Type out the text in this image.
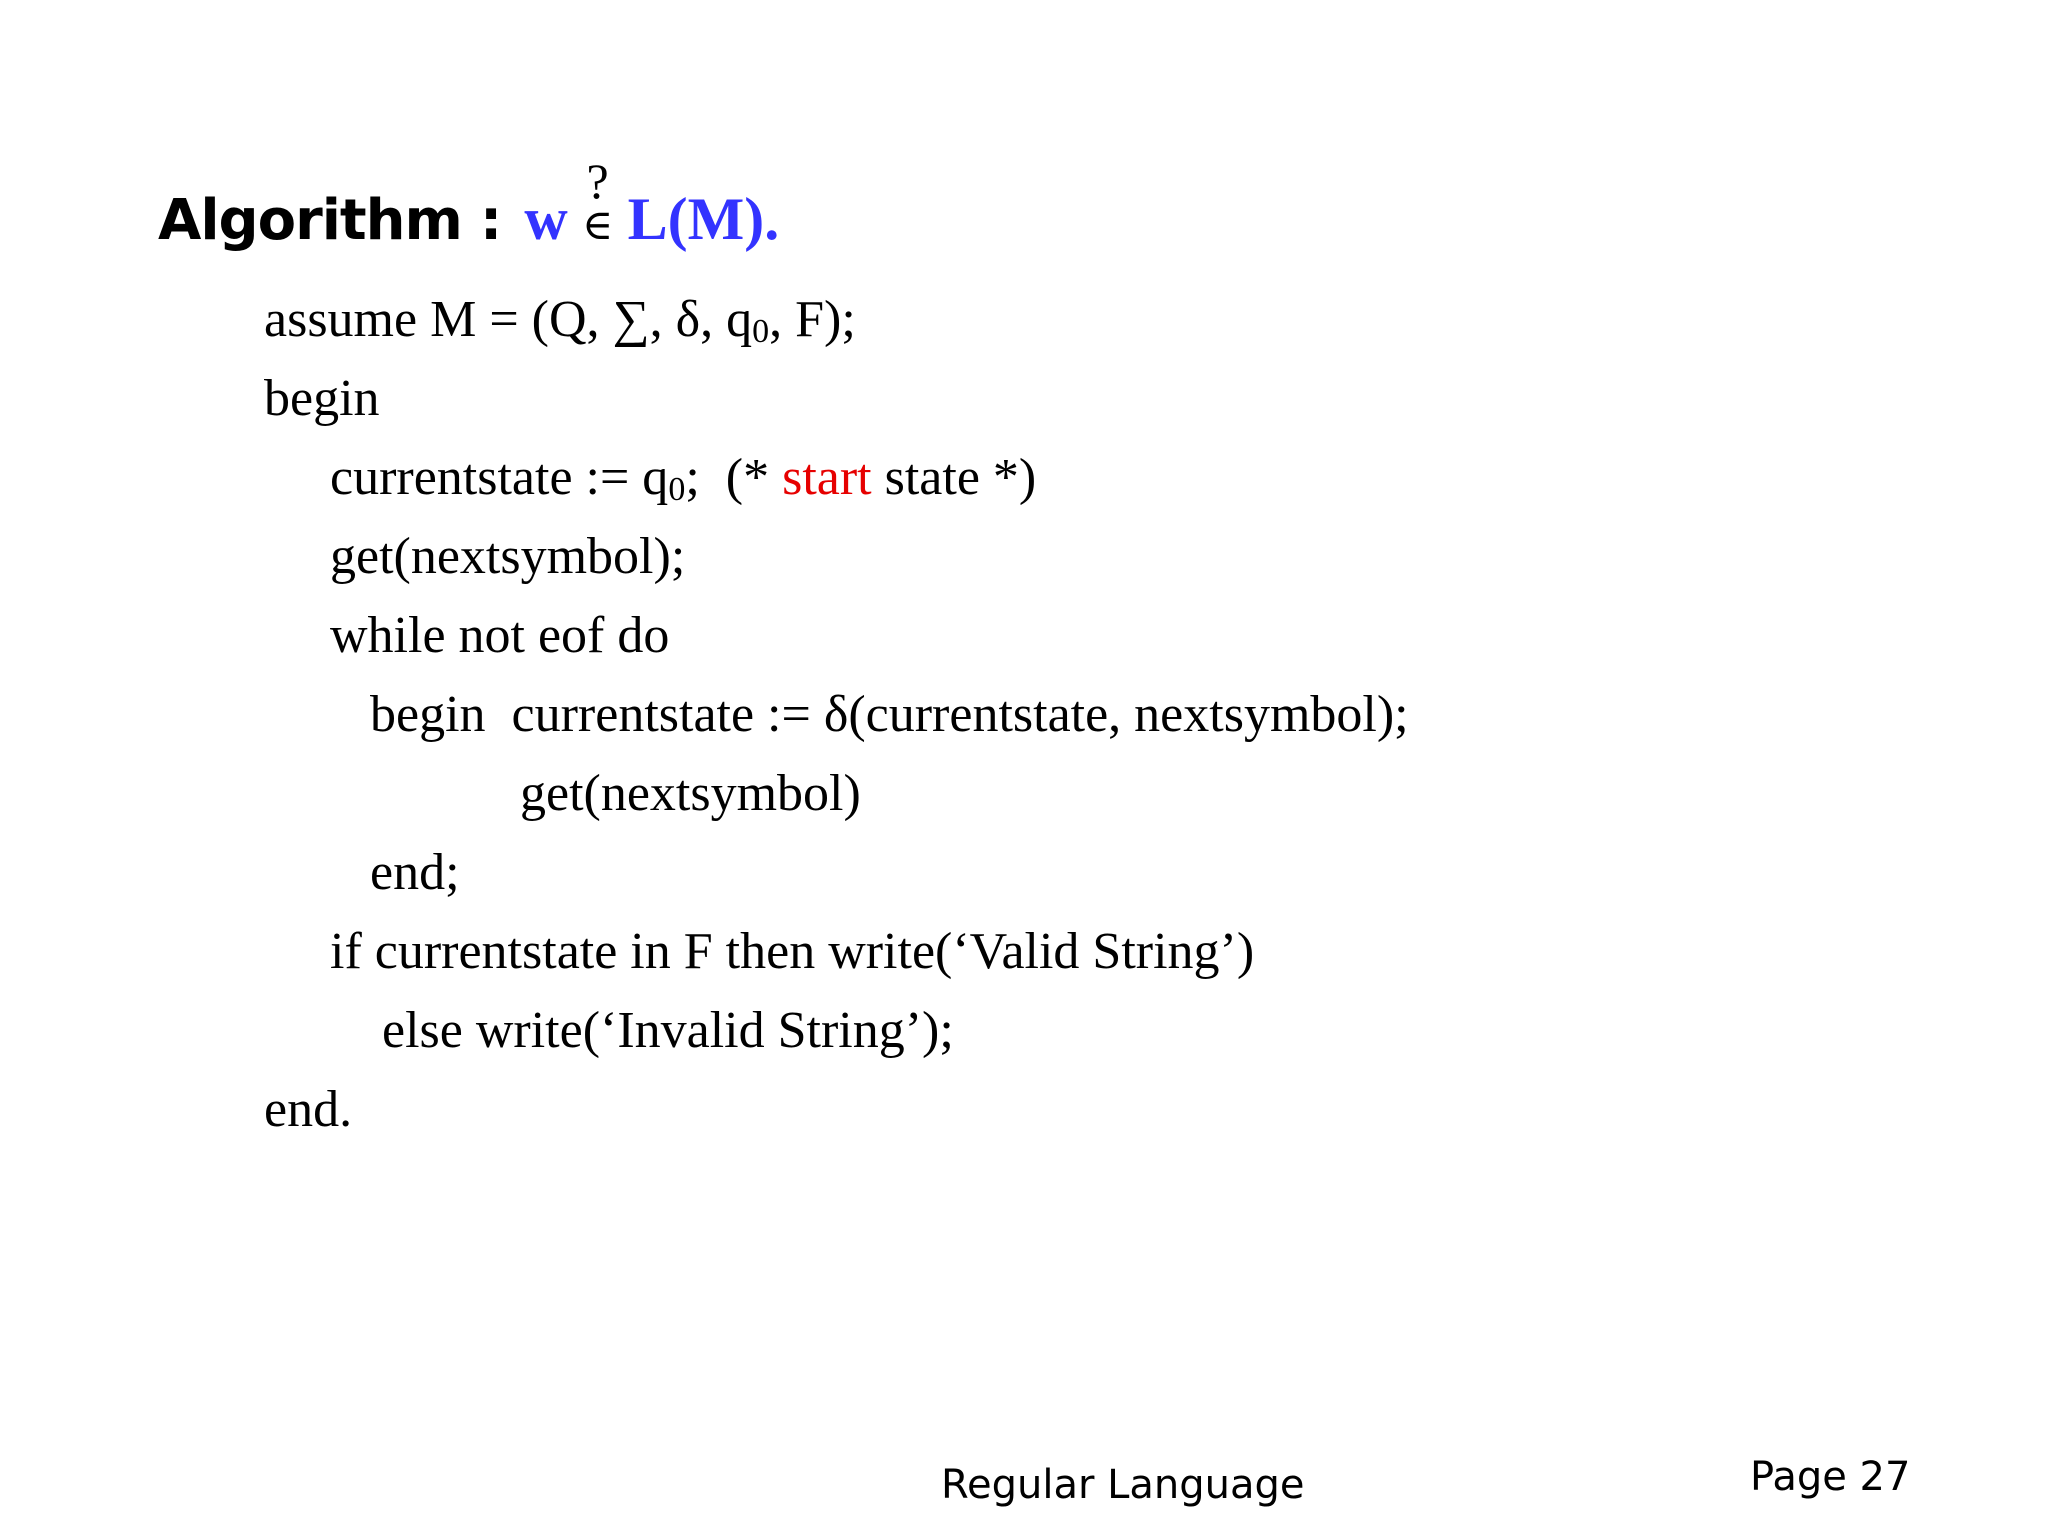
Algorithm : w
?
∈ L(M).
assume M = (Q, ∑, δ, $q_0$, F);
begin
currentstate := $q_0$;  (* start state *)
get(nextsymbol);
while not eof do
begin  currentstate := δ(currentstate, nextsymbol);
get(nextsymbol)
end;
if currentstate in F then write(‘Valid String’)
else write(‘Invalid String’);
end.
Regular Language	Page 27
